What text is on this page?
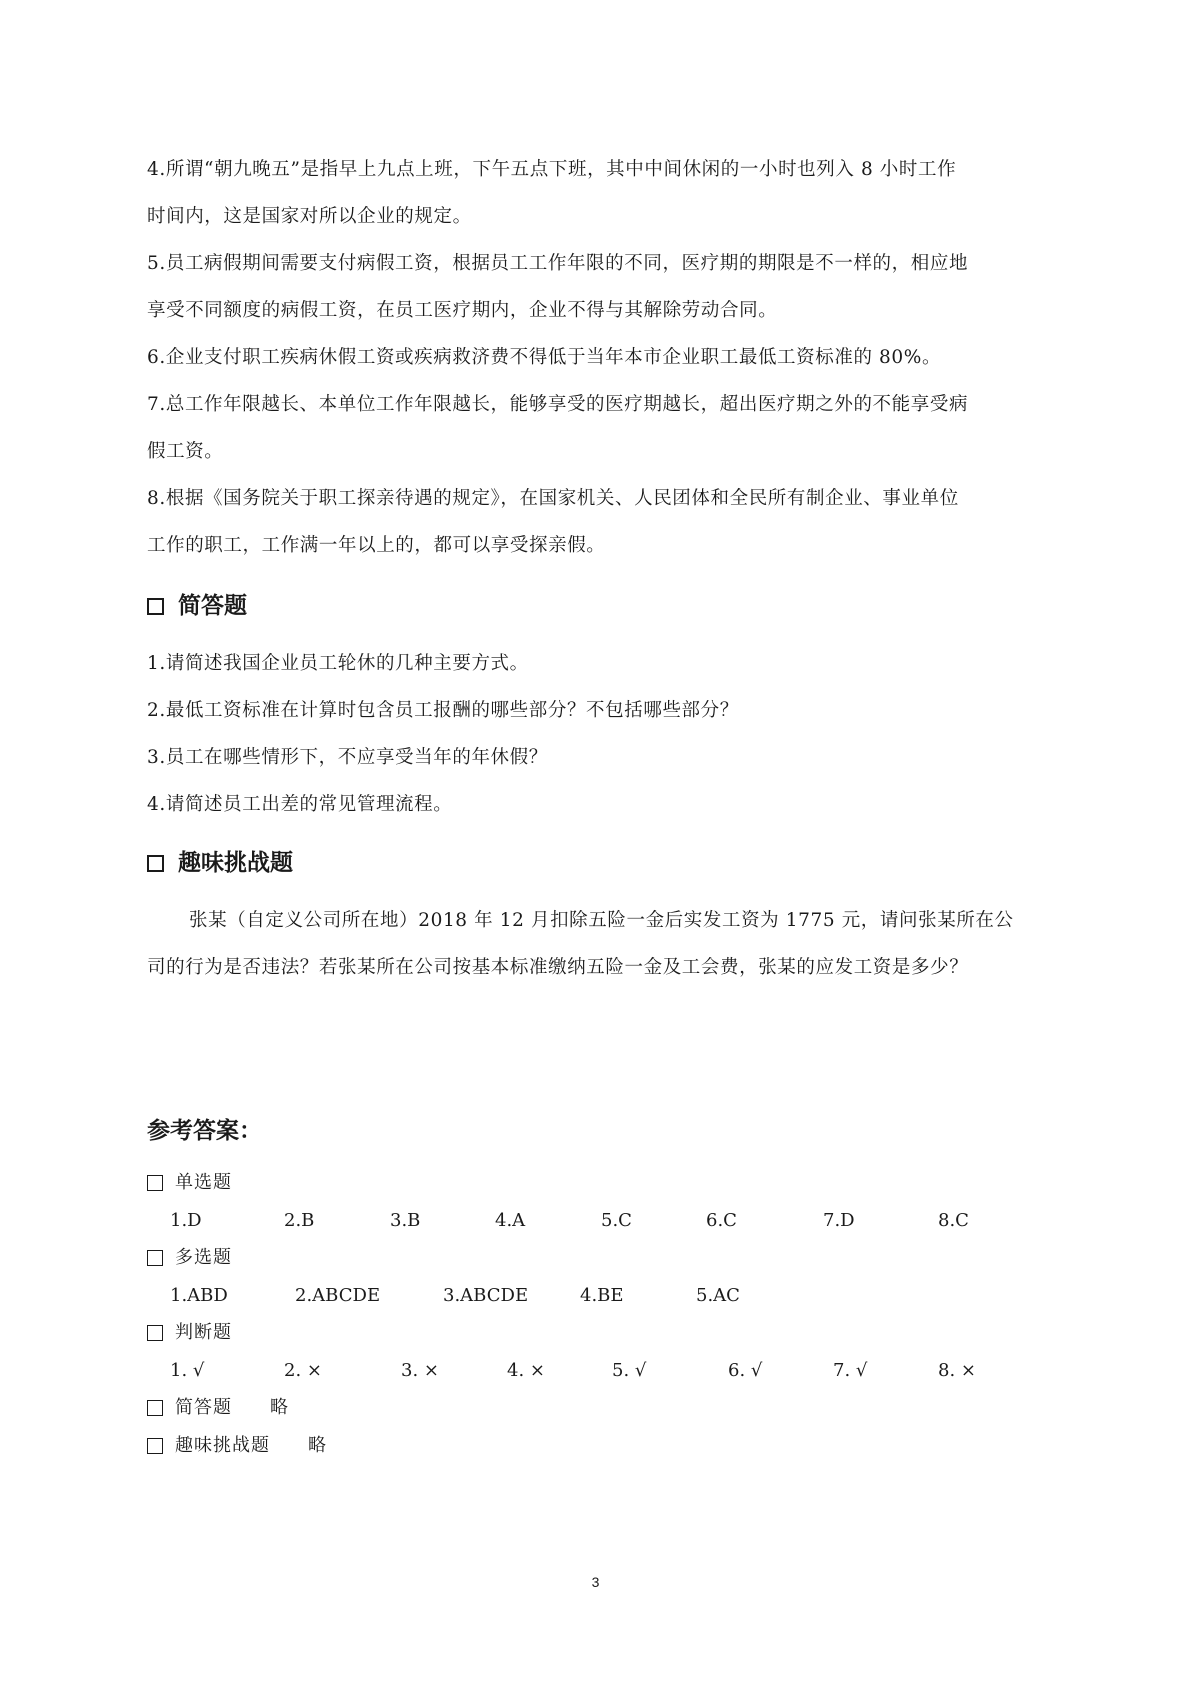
4.所谓“朝九晚五”是指早上九点上班，下午五点下班，其中中间休闲的一小时也列入 8 小时工作
时间内，这是国家对所以企业的规定。
5.员工病假期间需要支付病假工资，根据员工工作年限的不同，医疗期的期限是不一样的，相应地
享受不同额度的病假工资，在员工医疗期内，企业不得与其解除劳动合同。
6.企业支付职工疾病休假工资或疾病救济费不得低于当年本市企业职工最低工资标准的 80%。
7.总工作年限越长、本单位工作年限越长，能够享受的医疗期越长，超出医疗期之外的不能享受病
假工资。
8.根据《国务院关于职工探亲待遇的规定》，在国家机关、人民团体和全民所有制企业、事业单位
工作的职工，工作满一年以上的，都可以享受探亲假。
简答题
1.请简述我国企业员工轮休的几种主要方式。
2.最低工资标准在计算时包含员工报酬的哪些部分？不包括哪些部分？
3.员工在哪些情形下，不应享受当年的年休假？
4.请简述员工出差的常见管理流程。
趣味挑战题
张某（自定义公司所在地）2018 年 12 月扣除五险一金后实发工资为 1775 元，请问张某所在公
司的行为是否违法？若张某所在公司按基本标准缴纳五险一金及工会费，张某的应发工资是多少？
参考答案：
单选题
1.D	2.B	3.B	4.A	5.C	6.C	7.D	8.C
多选题
1.ABD	2.ABCDE	3.ABCDE	4.BE	5.AC
判断题
1. √	2. ×	3. ×	4. ×	5. √	6. √	7. √	8. ×
简答题 略
趣味挑战题 略
3
